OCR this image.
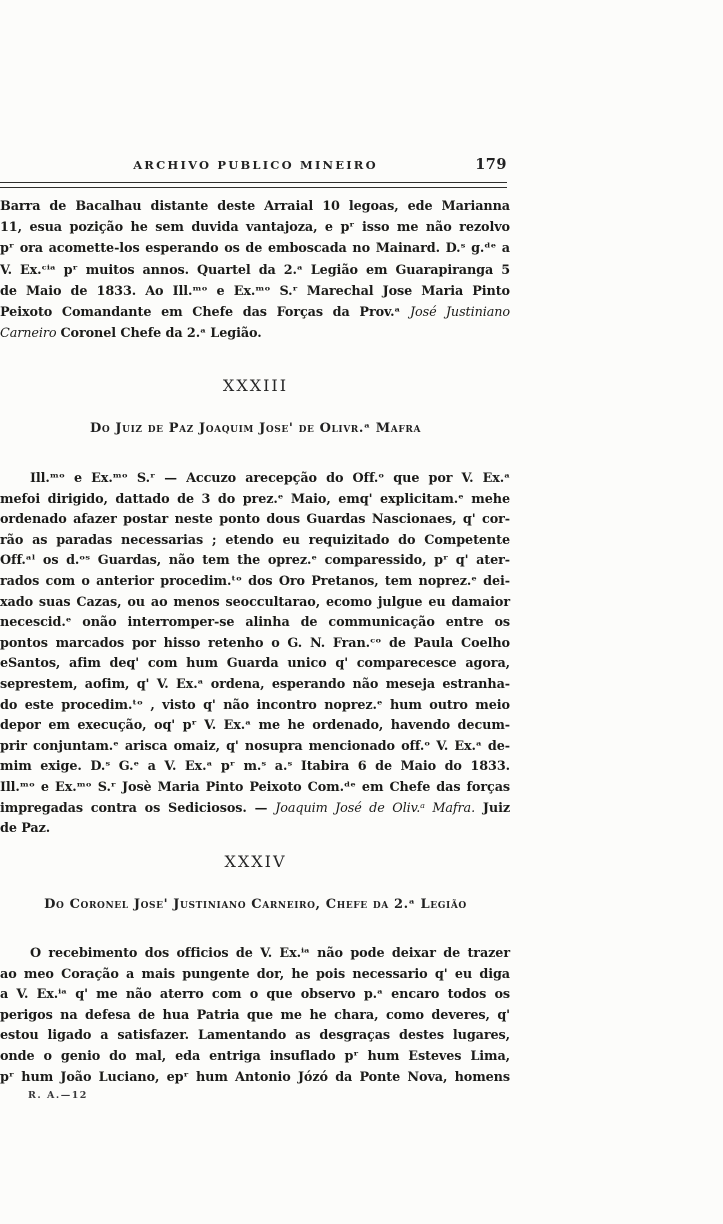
ARCHIVO PUBLICO MINEIRO	179
Barra de Bacalhau distante deste Arraial 10 legoas, ede Marianna
11, esua pozição he sem duvida vantajoza, e pʳ isso me não rezolvo
pʳ ora acomette-los esperando os de emboscada no Mainard. D.ˢ g.ᵈᵉ a
V. Ex.ᶜⁱᵃ pʳ muitos annos. Quartel da 2.ᵃ Legião em Guarapiranga 5
de Maio de 1833. Ao Ill.ᵐᵒ e Ex.ᵐᵒ S.ʳ Marechal Jose Maria Pinto
Peixoto Comandante em Chefe das Forças da Prov.ᵃ José Justiniano
Carneiro Coronel Chefe da 2.ᵃ Legião.
XXXIII
Do Juiz de Paz Joaquim Jose' de Olivr.ᵃ Mafra
Ill.ᵐᵒ e Ex.ᵐᵒ S.ʳ — Accuzo arecepção do Off.ᵒ que por V. Ex.ᵃ
mefoi dirigido, dattado de 3 do prez.ᵉ Maio, emq' explicitam.ᵉ mehe
ordenado afazer postar neste ponto dous Guardas Nascionaes, q' cor-
rão as paradas necessarias ; etendo eu requizitado do Competente
Off.ᵃˡ os d.ᵒˢ Guardas, não tem the oprez.ᵉ comparessido, pʳ q' ater-
rados com o anterior procedim.ᵗᵒ dos Oro Pretanos, tem noprez.ᵉ dei-
xado suas Cazas, ou ao menos seoccultarao, ecomo julgue eu damaior
necescid.ᵉ onão interromper-se alinha de communicação entre os
pontos marcados por hisso retenho o G. N. Fran.ᶜᵒ de Paula Coelho
eSantos, afim deq' com hum Guarda unico q' comparecesce agora,
seprestem, aofim, q' V. Ex.ᵃ ordena, esperando não meseja estranha-
do este procedim.ᵗᵒ , visto q' não incontro noprez.ᵉ hum outro meio
depor em execução, oq' pʳ V. Ex.ᵃ me he ordenado, havendo decum-
prir conjuntam.ᵉ arisca omaiz, q' nosupra mencionado off.ᵒ V. Ex.ᵃ de-
mim exige. D.ˢ G.ᵉ a V. Ex.ᵃ pʳ m.ˢ a.ˢ Itabira 6 de Maio do 1833.
Ill.ᵐᵒ e Ex.ᵐᵒ S.ʳ Josè Maria Pinto Peixoto Com.ᵈᵉ em Chefe das forças
impregadas contra os Sediciosos. — Joaquim José de Oliv.ᵃ Mafra. Juiz
de Paz.
XXXIV
Do Coronel Jose' Justiniano Carneiro, Chefe da 2.ᵃ Legião
O recebimento dos officios de V. Ex.ⁱᵃ não pode deixar de trazer
ao meo Coração a mais pungente dor, he pois necessario q' eu diga
a V. Ex.ⁱᵃ q' me não aterro com o que observo p.ᵃ encaro todos os
perigos na defesa de hua Patria que me he chara, como deveres, q'
estou ligado a satisfazer. Lamentando as desgraças destes lugares,
onde o genio do mal, eda entriga insuflado pʳ hum Esteves Lima,
pʳ hum João Luciano, epʳ hum Antonio Józó da Ponte Nova, homens
R. A.—12
